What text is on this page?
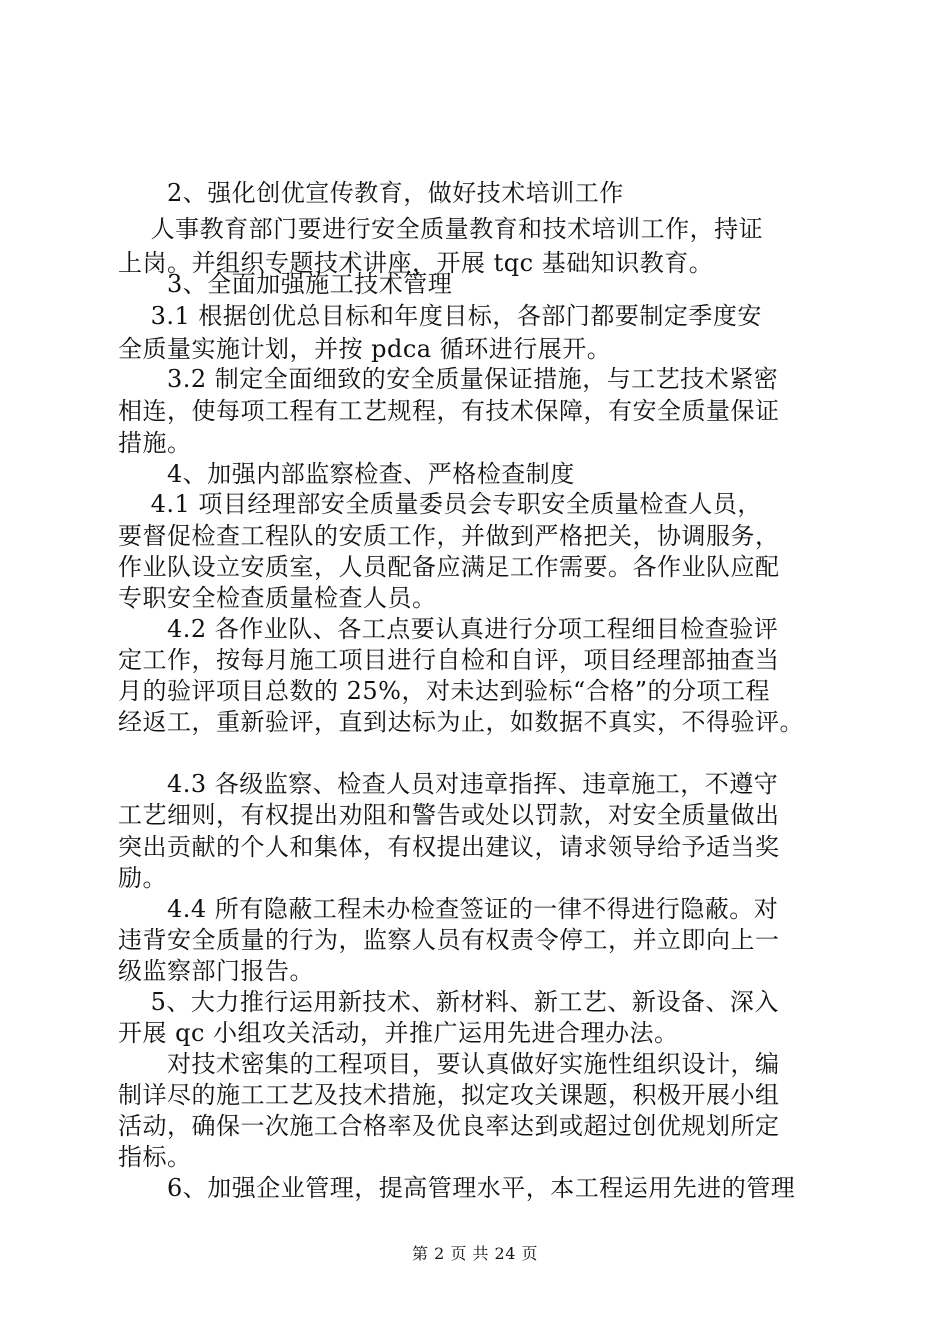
　　2、强化创优宣传教育，做好技术培训工作
　 人事教育部门要进行安全质量教育和技术培训工作，持证
上岗。并组织专题技术讲座，开展 tqc 基础知识教育。
　　3、全面加强施工技术管理
　 3.1 根据创优总目标和年度目标，各部门都要制定季度安
全质量实施计划，并按 pdca 循环进行展开。
　　3.2 制定全面细致的安全质量保证措施，与工艺技术紧密
相连，使每项工程有工艺规程，有技术保障，有安全质量保证
措施。
　　4、加强内部监察检查、严格检查制度
　 4.1 项目经理部安全质量委员会专职安全质量检查人员，
要督促检查工程队的安质工作，并做到严格把关，协调服务，
作业队设立安质室，人员配备应满足工作需要。各作业队应配
专职安全检查质量检查人员。
　　4.2 各作业队、各工点要认真进行分项工程细目检查验评
定工作，按每月施工项目进行自检和自评，项目经理部抽查当
月的验评项目总数的 25%，对未达到验标“合格”的分项工程
经返工，重新验评，直到达标为止，如数据不真实，不得验评。
　　4.3 各级监察、检查人员对违章指挥、违章施工，不遵守
工艺细则，有权提出劝阻和警告或处以罚款，对安全质量做出
突出贡献的个人和集体，有权提出建议，请求领导给予适当奖
励。
　　4.4 所有隐蔽工程未办检查签证的一律不得进行隐蔽。对
违背安全质量的行为，监察人员有权责令停工，并立即向上一
级监察部门报告。
　 5、大力推行运用新技术、新材料、新工艺、新设备、深入
开展 qc 小组攻关活动，并推广运用先进合理办法。
　　对技术密集的工程项目，要认真做好实施性组织设计，编
制详尽的施工工艺及技术措施，拟定攻关课题，积极开展小组
活动，确保一次施工合格率及优良率达到或超过创优规划所定
指标。
　　6、加强企业管理，提高管理水平，本工程运用先进的管理
第 2 页 共 24 页
